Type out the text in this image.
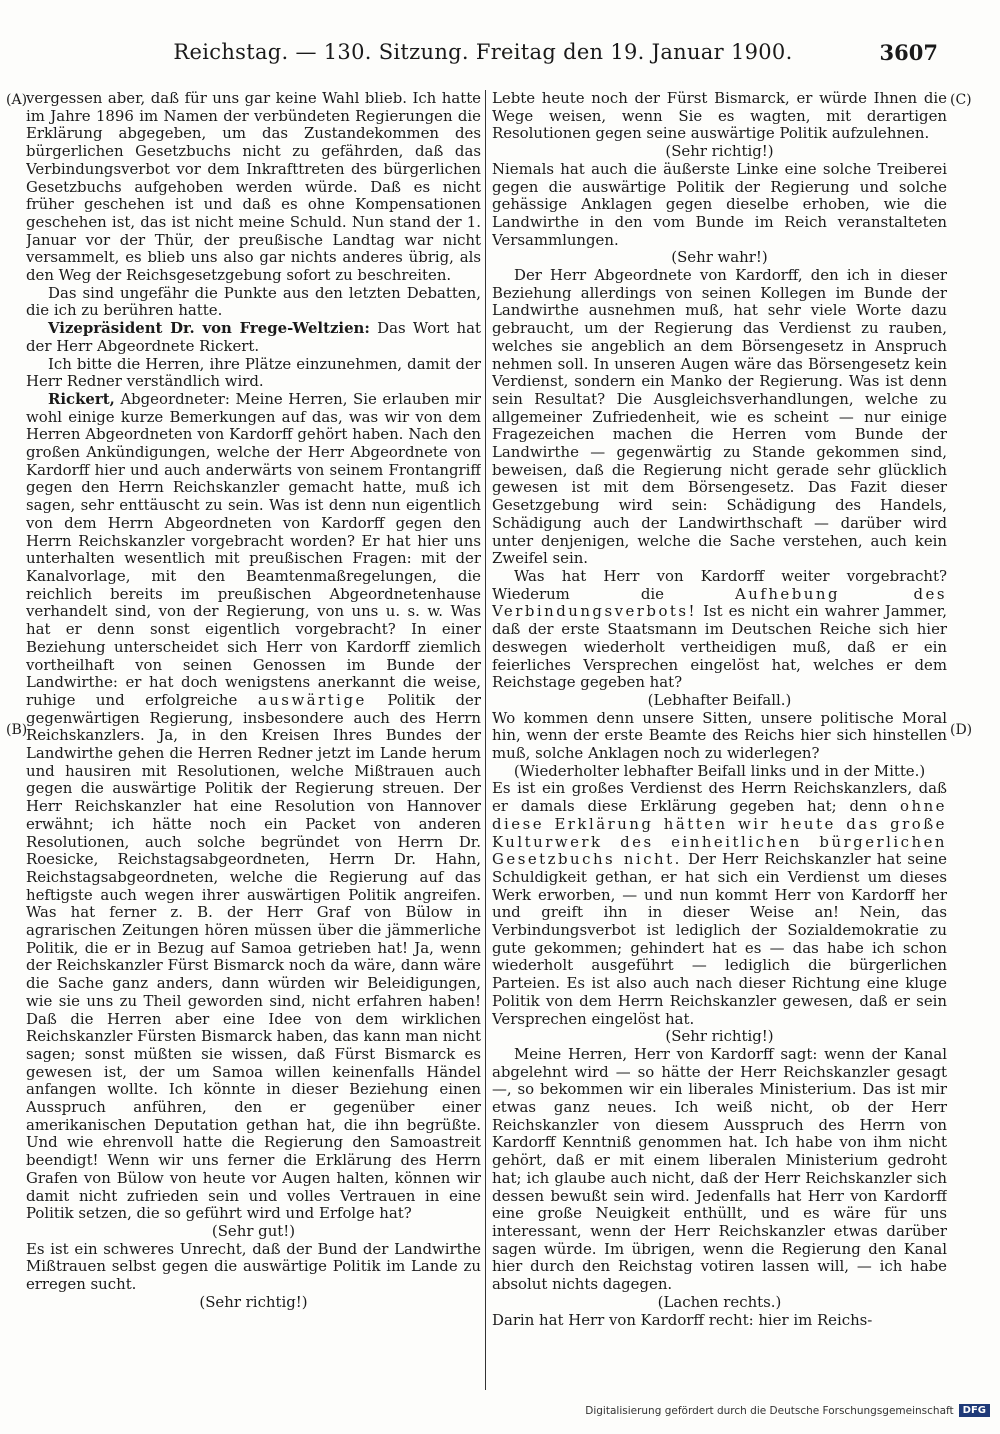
Reichstag. — 130. Sitzung. Freitag den 19. Januar 1900.	3607
(A)
(B)
(C)
(D)

vergessen aber, daß für uns gar keine Wahl blieb. Ich hatte im Jahre 1896 im Namen der verbündeten Regierungen die Erklärung abgegeben, um das Zustandekommen des bürgerlichen Gesetzbuchs nicht zu gefährden, daß das Verbindungsverbot vor dem Inkrafttreten des bürgerlichen Gesetzbuchs aufgehoben werden würde. Daß es nicht früher geschehen ist und daß es ohne Kompensationen geschehen ist, das ist nicht meine Schuld. Nun stand der 1. Januar vor der Thür, der preußische Landtag war nicht versammelt, es blieb uns also gar nichts anderes übrig, als den Weg der Reichsgesetzgebung sofort zu beschreiten.

Das sind ungefähr die Punkte aus den letzten Debatten, die ich zu berühren hatte.

Vizepräsident Dr. von Frege-Weltzien: Das Wort hat der Herr Abgeordnete Rickert.

Ich bitte die Herren, ihre Plätze einzunehmen, damit der Herr Redner verständlich wird.

Rickert, Abgeordneter: Meine Herren, Sie erlauben mir wohl einige kurze Bemerkungen auf das, was wir von dem Herren Abgeordneten von Kardorff gehört haben. Nach den großen Ankündigungen, welche der Herr Abgeordnete von Kardorff hier und auch anderwärts von seinem Frontangriff gegen den Herrn Reichskanzler gemacht hatte, muß ich sagen, sehr enttäuscht zu sein. Was ist denn nun eigentlich von dem Herrn Abgeordneten von Kardorff gegen den Herrn Reichskanzler vorgebracht worden? Er hat hier uns unterhalten wesentlich mit preußischen Fragen: mit der Kanalvorlage, mit den Beamtenmaßregelungen, die reichlich bereits im preußischen Abgeordnetenhause verhandelt sind, von der Regierung, von uns u. s. w. Was hat er denn sonst eigentlich vorgebracht? In einer Beziehung unterscheidet sich Herr von Kardorff ziemlich vortheilhaft von seinen Genossen im Bunde der Landwirthe: er hat doch wenigstens anerkannt die weise, ruhige und erfolgreiche auswärtige Politik der gegenwärtigen Regierung, insbesondere auch des Herrn Reichskanzlers. Ja, in den Kreisen Ihres Bundes der Landwirthe gehen die Herren Redner jetzt im Lande herum und hausiren mit Resolutionen, welche Mißtrauen auch gegen die auswärtige Politik der Regierung streuen. Der Herr Reichskanzler hat eine Resolution von Hannover erwähnt; ich hätte noch ein Packet von anderen Resolutionen, auch solche begründet von Herrn Dr. Roesicke, Reichstagsabgeordneten, Herrn Dr. Hahn, Reichstagsabgeordneten, welche die Regierung auf das heftigste auch wegen ihrer auswärtigen Politik angreifen. Was hat ferner z. B. der Herr Graf von Bülow in agrarischen Zeitungen hören müssen über die jämmerliche Politik, die er in Bezug auf Samoa getrieben hat! Ja, wenn der Reichskanzler Fürst Bismarck noch da wäre, dann wäre die Sache ganz anders, dann würden wir Beleidigungen, wie sie uns zu Theil geworden sind, nicht erfahren haben! Daß die Herren aber eine Idee von dem wirklichen Reichskanzler Fürsten Bismarck haben, das kann man nicht sagen; sonst müßten sie wissen, daß Fürst Bismarck es gewesen ist, der um Samoa willen keinenfalls Händel anfangen wollte. Ich könnte in dieser Beziehung einen Ausspruch anführen, den er gegenüber einer amerikanischen Deputation gethan hat, die ihn begrüßte. Und wie ehrenvoll hatte die Regierung den Samoastreit beendigt! Wenn wir uns ferner die Erklärung des Herrn Grafen von Bülow von heute vor Augen halten, können wir damit nicht zufrieden sein und volles Vertrauen in eine Politik setzen, die so geführt wird und Erfolge hat?

(Sehr gut!)

Es ist ein schweres Unrecht, daß der Bund der Landwirthe Mißtrauen selbst gegen die auswärtige Politik im Lande zu erregen sucht.

(Sehr richtig!)

Lebte heute noch der Fürst Bismarck, er würde Ihnen die Wege weisen, wenn Sie es wagten, mit derartigen Resolutionen gegen seine auswärtige Politik aufzulehnen.

(Sehr richtig!)

Niemals hat auch die äußerste Linke eine solche Treiberei gegen die auswärtige Politik der Regierung und solche gehässige Anklagen gegen dieselbe erhoben, wie die Landwirthe in den vom Bunde im Reich veranstalteten Versammlungen.

(Sehr wahr!)

Der Herr Abgeordnete von Kardorff, den ich in dieser Beziehung allerdings von seinen Kollegen im Bunde der Landwirthe ausnehmen muß, hat sehr viele Worte dazu gebraucht, um der Regierung das Verdienst zu rauben, welches sie angeblich an dem Börsengesetz in Anspruch nehmen soll. In unseren Augen wäre das Börsengesetz kein Verdienst, sondern ein Manko der Regierung. Was ist denn sein Resultat? Die Ausgleichsverhandlungen, welche zu allgemeiner Zufriedenheit, wie es scheint — nur einige Fragezeichen machen die Herren vom Bunde der Landwirthe — gegenwärtig zu Stande gekommen sind, beweisen, daß die Regierung nicht gerade sehr glücklich gewesen ist mit dem Börsengesetz. Das Fazit dieser Gesetzgebung wird sein: Schädigung des Handels, Schädigung auch der Landwirthschaft — darüber wird unter denjenigen, welche die Sache verstehen, auch kein Zweifel sein.

Was hat Herr von Kardorff weiter vorgebracht? Wiederum die Aufhebung des Verbindungsverbots! Ist es nicht ein wahrer Jammer, daß der erste Staatsmann im Deutschen Reiche sich hier deswegen wiederholt vertheidigen muß, daß er ein feierliches Versprechen eingelöst hat, welches er dem Reichstage gegeben hat?

(Lebhafter Beifall.)

Wo kommen denn unsere Sitten, unsere politische Moral hin, wenn der erste Beamte des Reichs hier sich hinstellen muß, solche Anklagen noch zu widerlegen?

(Wiederholter lebhafter Beifall links und in der Mitte.)

Es ist ein großes Verdienst des Herrn Reichskanzlers, daß er damals diese Erklärung gegeben hat; denn ohne diese Erklärung hätten wir heute das große Kulturwerk des einheitlichen bürgerlichen Gesetzbuchs nicht. Der Herr Reichskanzler hat seine Schuldigkeit gethan, er hat sich ein Verdienst um dieses Werk erworben, — und nun kommt Herr von Kardorff her und greift ihn in dieser Weise an! Nein, das Verbindungsverbot ist lediglich der Sozialdemokratie zu gute gekommen; gehindert hat es — das habe ich schon wiederholt ausgeführt — lediglich die bürgerlichen Parteien. Es ist also auch nach dieser Richtung eine kluge Politik von dem Herrn Reichskanzler gewesen, daß er sein Versprechen eingelöst hat.

(Sehr richtig!)

Meine Herren, Herr von Kardorff sagt: wenn der Kanal abgelehnt wird — so hätte der Herr Reichskanzler gesagt —, so bekommen wir ein liberales Ministerium. Das ist mir etwas ganz neues. Ich weiß nicht, ob der Herr Reichskanzler von diesem Ausspruch des Herrn von Kardorff Kenntniß genommen hat. Ich habe von ihm nicht gehört, daß er mit einem liberalen Ministerium gedroht hat; ich glaube auch nicht, daß der Herr Reichskanzler sich dessen bewußt sein wird. Jedenfalls hat Herr von Kardorff eine große Neuigkeit enthüllt, und es wäre für uns interessant, wenn der Herr Reichskanzler etwas darüber sagen würde. Im übrigen, wenn die Regierung den Kanal hier durch den Reichstag votiren lassen will, — ich habe absolut nichts dagegen.

(Lachen rechts.)

Darin hat Herr von Kardorff recht: hier im Reichs-

Digitalisierung gefördert durch die Deutsche Forschungsgemeinschaft DFG
